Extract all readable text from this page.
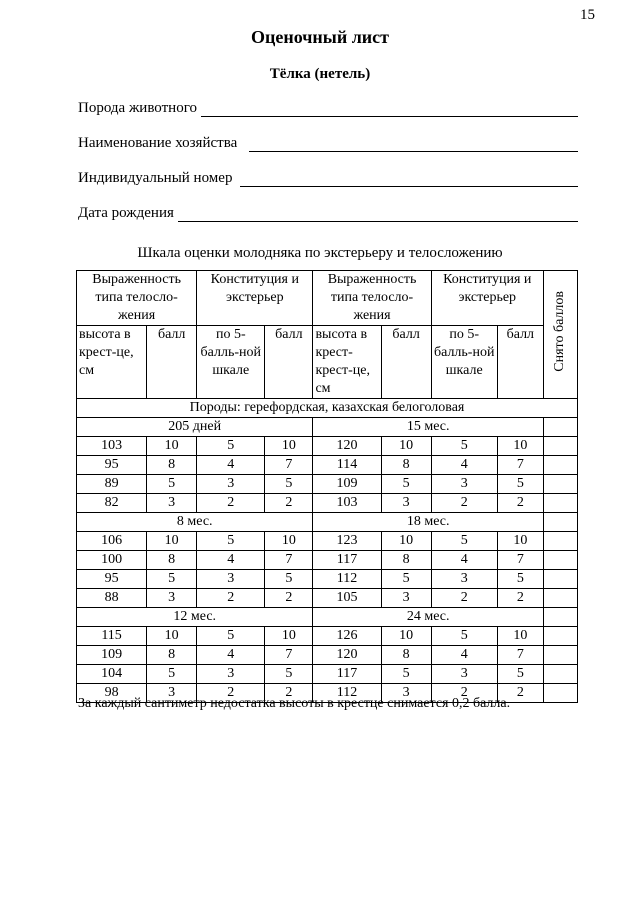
15
Оценочный лист
Тёлка (нетель)
Порода животного
Наименование хозяйства
Индивидуальный номер
Дата рождения
Шкала оценки молодняка по экстерьеру и телосложению
Выраженность типа телосло-жения		Конституция и экстерьер		Выраженность типа телосло-жения		Конституция и экстерьер		Снято баллов
высота в крест-це, см	балл	по 5-балль-ной шкале	балл	высота в крест-крест-це, см	балл	по 5-балль-ной шкале	балл	
Породы: герефордская, казахская белоголовая								
205 дней				15 мес.				
103	10	5	10	120	10	5	10	
95	8	4	7	114	8	4	7	
89	5	3	5	109	5	3	5	
82	3	2	2	103	3	2	2	
8 мес.				18 мес.				
106	10	5	10	123	10	5	10	
100	8	4	7	117	8	4	7	
95	5	3	5	112	5	3	5	
88	3	2	2	105	3	2	2	
12 мес.				24 мес.				
115	10	5	10	126	10	5	10	
109	8	4	7	120	8	4	7	
104	5	3	5	117	5	3	5	
98	3	2	2	112	3	2	2	
За каждый сантиметр недостатка высоты в крестце снимается 0,2 балла.
